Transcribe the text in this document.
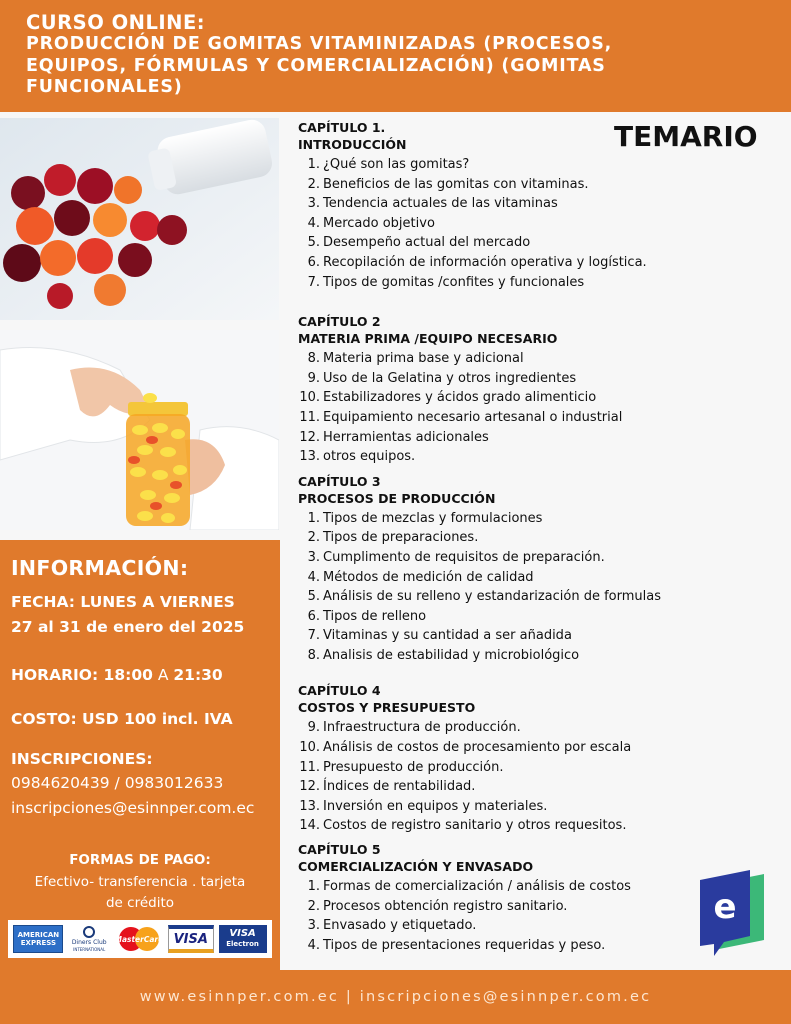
CURSO ONLINE:
PRODUCCIÓN DE GOMITAS VITAMINIZADAS (PROCESOS,
EQUIPOS, FÓRMULAS Y COMERCIALIZACIÓN) (GOMITAS
FUNCIONALES)
INFORMACIÓN:
FECHA: LUNES A VIERNES
27 al 31 de enero del 2025
HORARIO: 18:00 A 21:30
COSTO: USD 100 incl. IVA
INSCRIPCIONES:
0984620439 / 0983012633
inscripciones@esinnper.com.ec
FORMAS DE PAGO:
Efectivo- transferencia . tarjeta
de crédito
AMERICAN EXPRESS	Diners Club
INTERNATIONAL
MasterCard VISA	VISA
Electron
TEMARIO
CAPÍTULO 1.
INTRODUCCIÓN
1. ¿Qué son las gomitas?
2. Beneficios de las gomitas con vitaminas.
3. Tendencia actuales de las vitaminas
4. Mercado objetivo
5. Desempeño actual del mercado
6. Recopilación de información operativa y logística.
7. Tipos de gomitas /confites y funcionales
CAPÍTULO 2
MATERIA PRIMA /EQUIPO NECESARIO
8. Materia prima base y adicional
9. Uso de la Gelatina y otros ingredientes
10. Estabilizadores y ácidos grado alimenticio
11. Equipamiento necesario artesanal o industrial
12. Herramientas adicionales
13. otros equipos.
CAPÍTULO 3
PROCESOS DE PRODUCCIÓN
1. Tipos de mezclas y formulaciones
2. Tipos de preparaciones.
3. Cumplimento de requisitos de preparación.
4. Métodos de medición de calidad
5. Análisis de su relleno y estandarización de formulas
6. Tipos de relleno
7. Vitaminas y su cantidad a ser añadida
8. Analisis de estabilidad y microbiológico
CAPÍTULO 4
COSTOS Y PRESUPUESTO
9. Infraestructura de producción.
10. Análisis de costos de procesamiento por escala
11. Presupuesto de producción.
12. Índices de rentabilidad.
13. Inversión en equipos y materiales.
14. Costos de registro sanitario y otros requesitos.
CAPÍTULO 5
COMERCIALIZACIÓN Y ENVASADO
1. Formas de comercialización / análisis de costos
2. Procesos obtención registro sanitario.
3. Envasado y etiquetado.
4. Tipos de presentaciones requeridas y peso.
e
www.esinnper.com.ec | inscripciones@esinnper.com.ec
